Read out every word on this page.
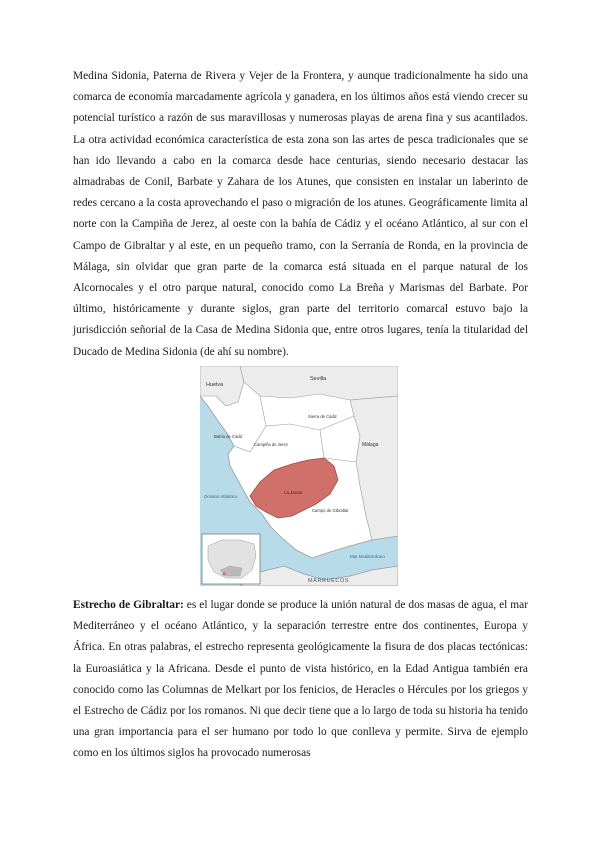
Medina Sidonia, Paterna de Rivera y Vejer de la Frontera, y aunque tradicionalmente ha sido una comarca de economía marcadamente agrícola y ganadera, en los últimos años está viendo crecer su potencial turístico a razón de sus maravillosas y numerosas playas de arena fina y sus acantilados. La otra actividad económica característica de esta zona son las artes de pesca tradicionales que se han ido llevando a cabo en la comarca desde hace centurias, siendo necesario destacar las almadrabas de Conil, Barbate y Zahara de los Atunes, que consisten en instalar un laberinto de redes cercano a la costa aprovechando el paso o migración de los atunes. Geográficamente limita al norte con la Campiña de Jerez, al oeste con la bahía de Cádiz y el océano Atlántico, al sur con el Campo de Gibraltar y al este, en un pequeño tramo, con la Serranía de Ronda, en la provincia de Málaga, sin olvidar que gran parte de la comarca está situada en el parque natural de los Alcornocales y el otro parque natural, conocido como La Breña y Marismas del Barbate. Por último, históricamente y durante siglos, gran parte del territorio comarcal estuvo bajo la jurisdicción señorial de la Casa de Medina Sidonia que, entre otros lugares, tenía la titularidad del Ducado de Medina Sidonia (de ahí su nombre).

Huelva
Sevilla
Bahía de Cádiz
Sierra de Cádiz
Campiña de Jerez	Málaga
La Janda
Océano Atlántico
Campo de Gibraltar
Mar Mediterráneo
MARRUECOS

Estrecho de Gibraltar: es el lugar donde se produce la unión natural de dos masas de agua, el mar Mediterráneo y el océano Atlántico, y la separación terrestre entre dos continentes, Europa y África. En otras palabras, el estrecho representa geológicamente la fisura de dos placas tectónicas: la Euroasiática y la Africana. Desde el punto de vista histórico, en la Edad Antigua también era conocido como las Columnas de Melkart por los fenicios, de Heracles o Hércules por los griegos y el Estrecho de Cádiz por los romanos. Ni que decir tiene que a lo largo de toda su historia ha tenido una gran importancia para el ser humano por todo lo que conlleva y permite. Sirva de ejemplo como en los últimos siglos ha provocado numerosas
